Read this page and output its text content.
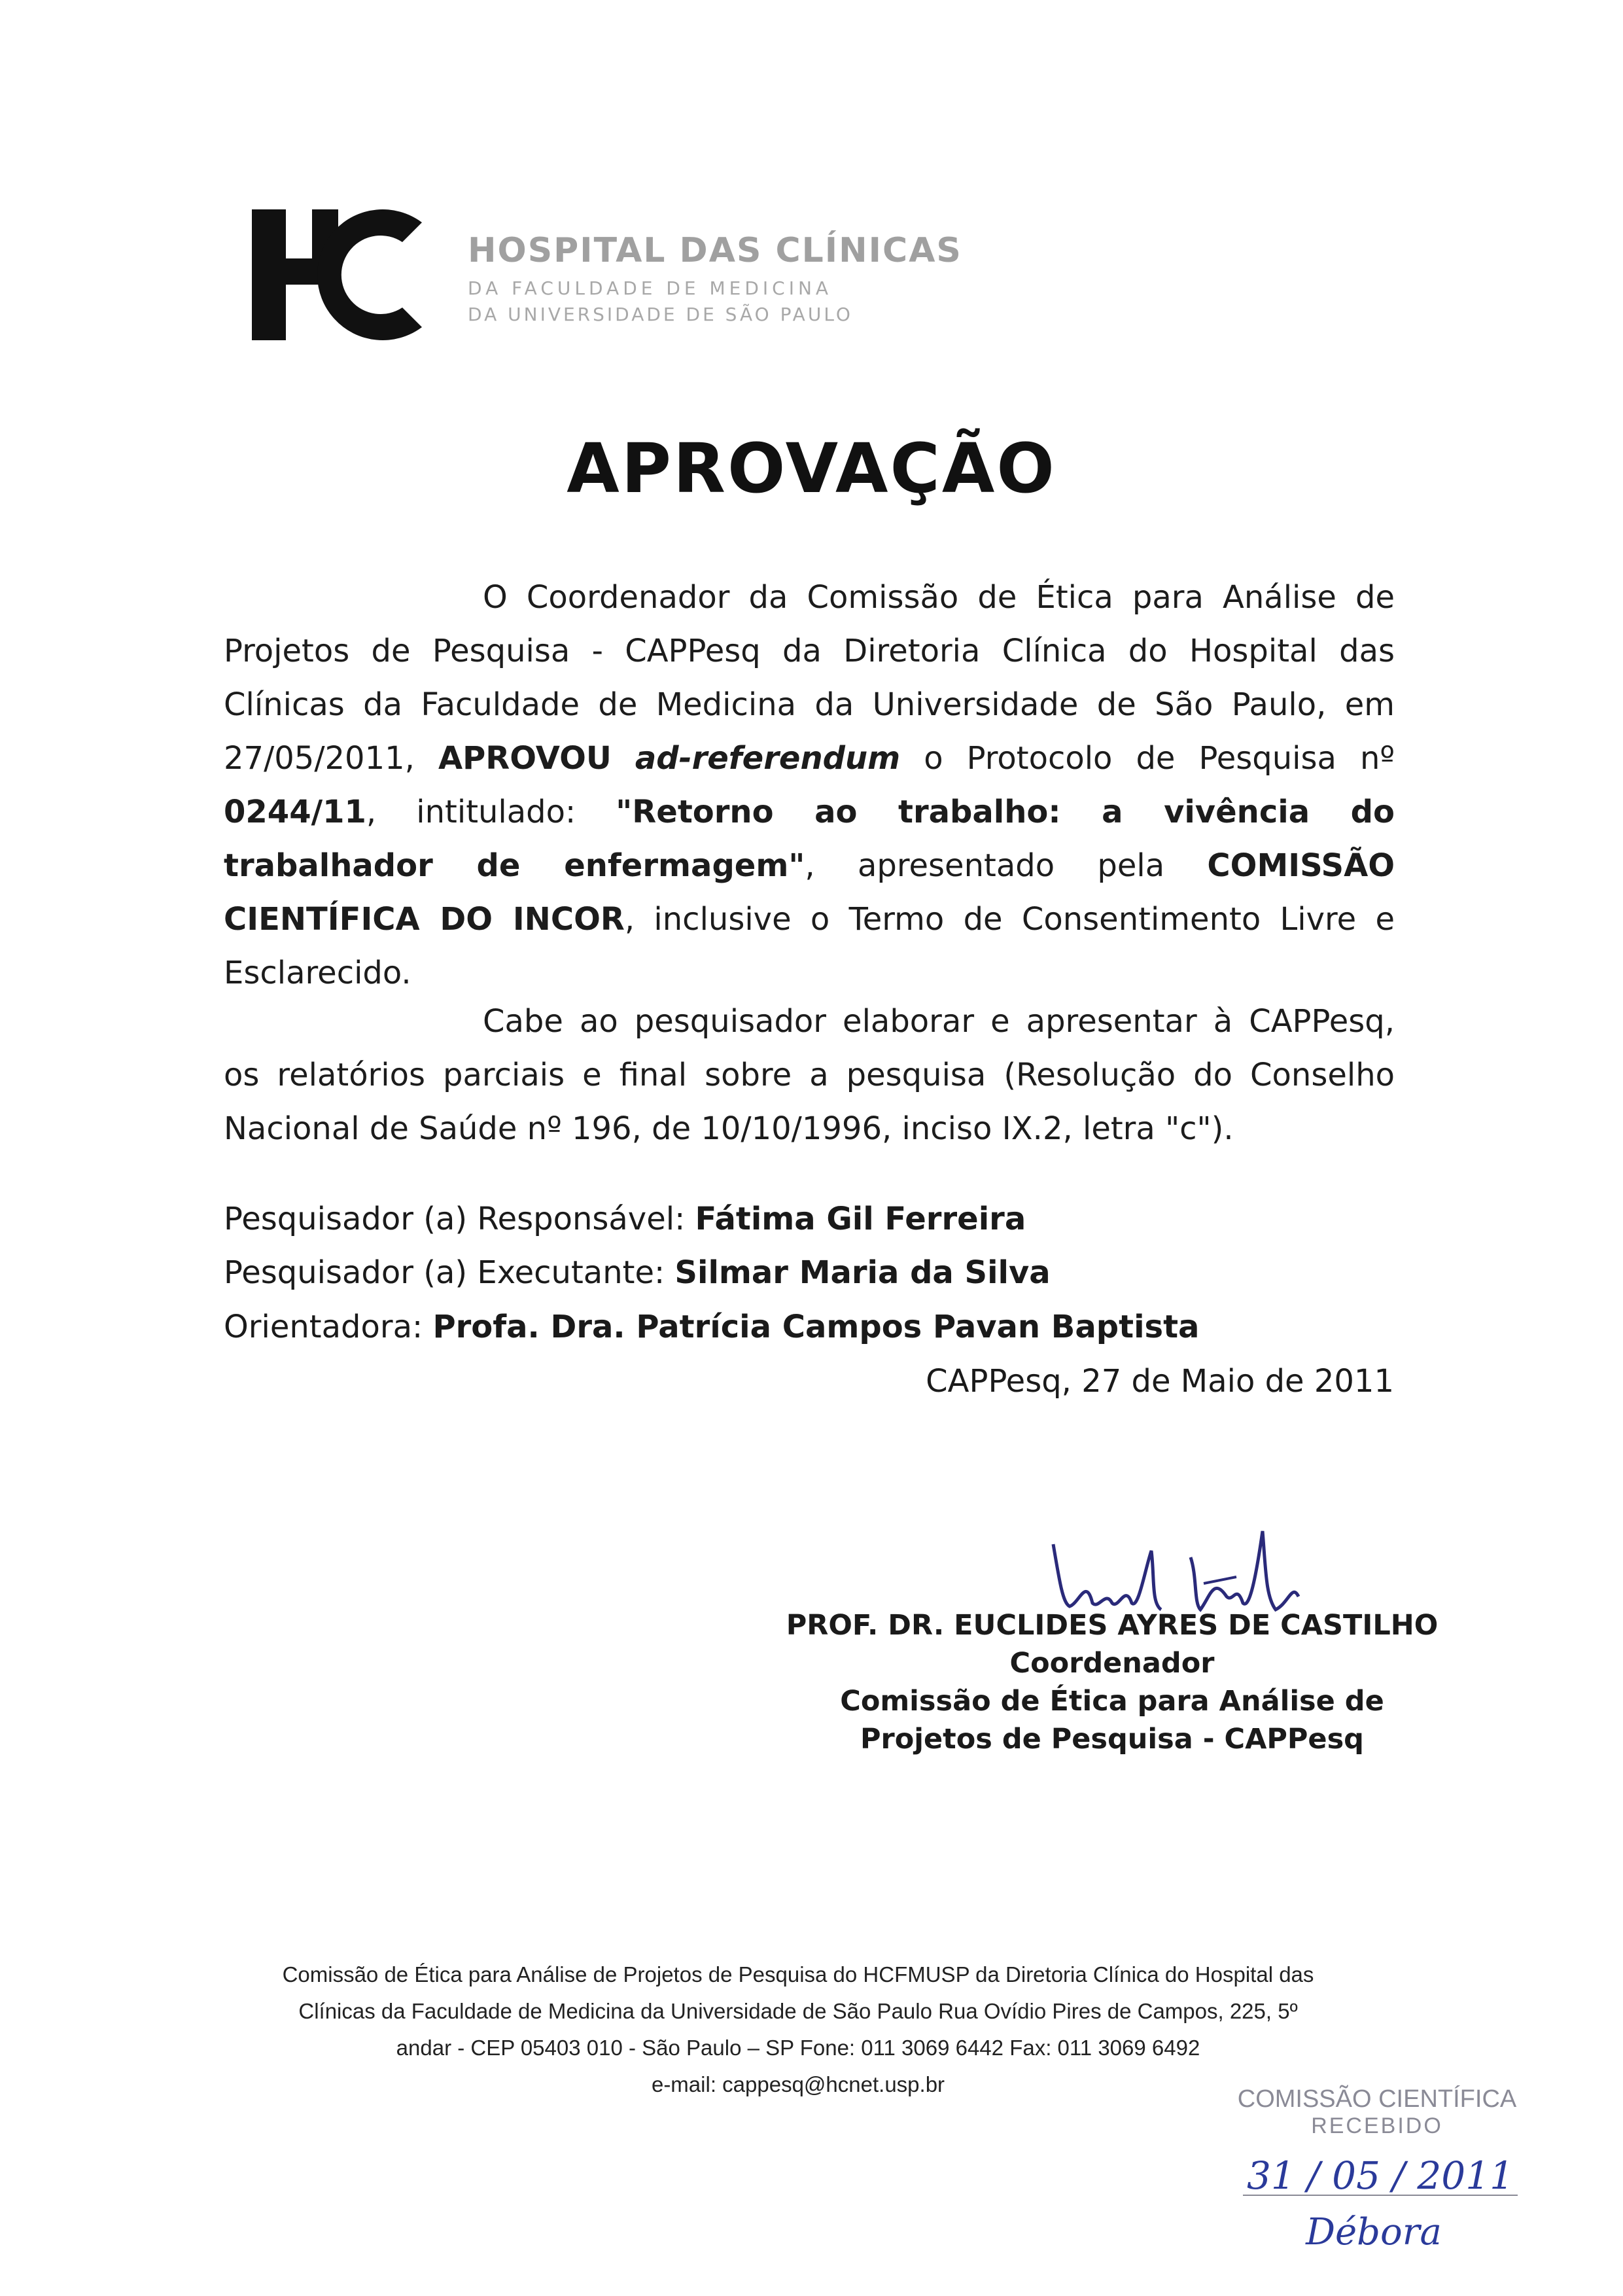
HOSPITAL DAS CLÍNICAS
DA FACULDADE DE MEDICINA
DA UNIVERSIDADE DE SÃO PAULO
APROVAÇÃO
O Coordenador da Comissão de Ética para Análise de Projetos de Pesquisa - CAPPesq da Diretoria Clínica do Hospital das Clínicas da Faculdade de Medicina da Universidade de São Paulo, em 27/05/2011, APROVOU ad-referendum o Protocolo de Pesquisa nº 0244/11, intitulado: "Retorno ao trabalho: a vivência do trabalhador de enfermagem", apresentado pela COMISSÃO CIENTÍFICA DO INCOR, inclusive o Termo de Consentimento Livre e Esclarecido.
Cabe ao pesquisador elaborar e apresentar à CAPPesq, os relatórios parciais e final sobre a pesquisa (Resolução do Conselho Nacional de Saúde nº 196, de 10/10/1996, inciso IX.2, letra "c").
Pesquisador (a) Responsável: Fátima Gil Ferreira
Pesquisador (a) Executante: Silmar Maria da Silva
Orientadora: Profa. Dra. Patrícia Campos Pavan Baptista
CAPPesq, 27 de Maio de 2011
PROF. DR. EUCLIDES AYRES DE CASTILHO
Coordenador
Comissão de Ética para Análise de
Projetos de Pesquisa - CAPPesq
Comissão de Ética para Análise de Projetos de Pesquisa do HCFMUSP da Diretoria Clínica do Hospital das
Clínicas da Faculdade de Medicina da Universidade de São Paulo Rua Ovídio Pires de Campos, 225, 5º
andar - CEP 05403 010 - São Paulo – SP Fone: 011 3069 6442 Fax: 011 3069 6492
e-mail: cappesq@hcnet.usp.br
COMISSÃO CIENTÍFICA
RECEBIDO
31 / 05 / 2011
Débora
